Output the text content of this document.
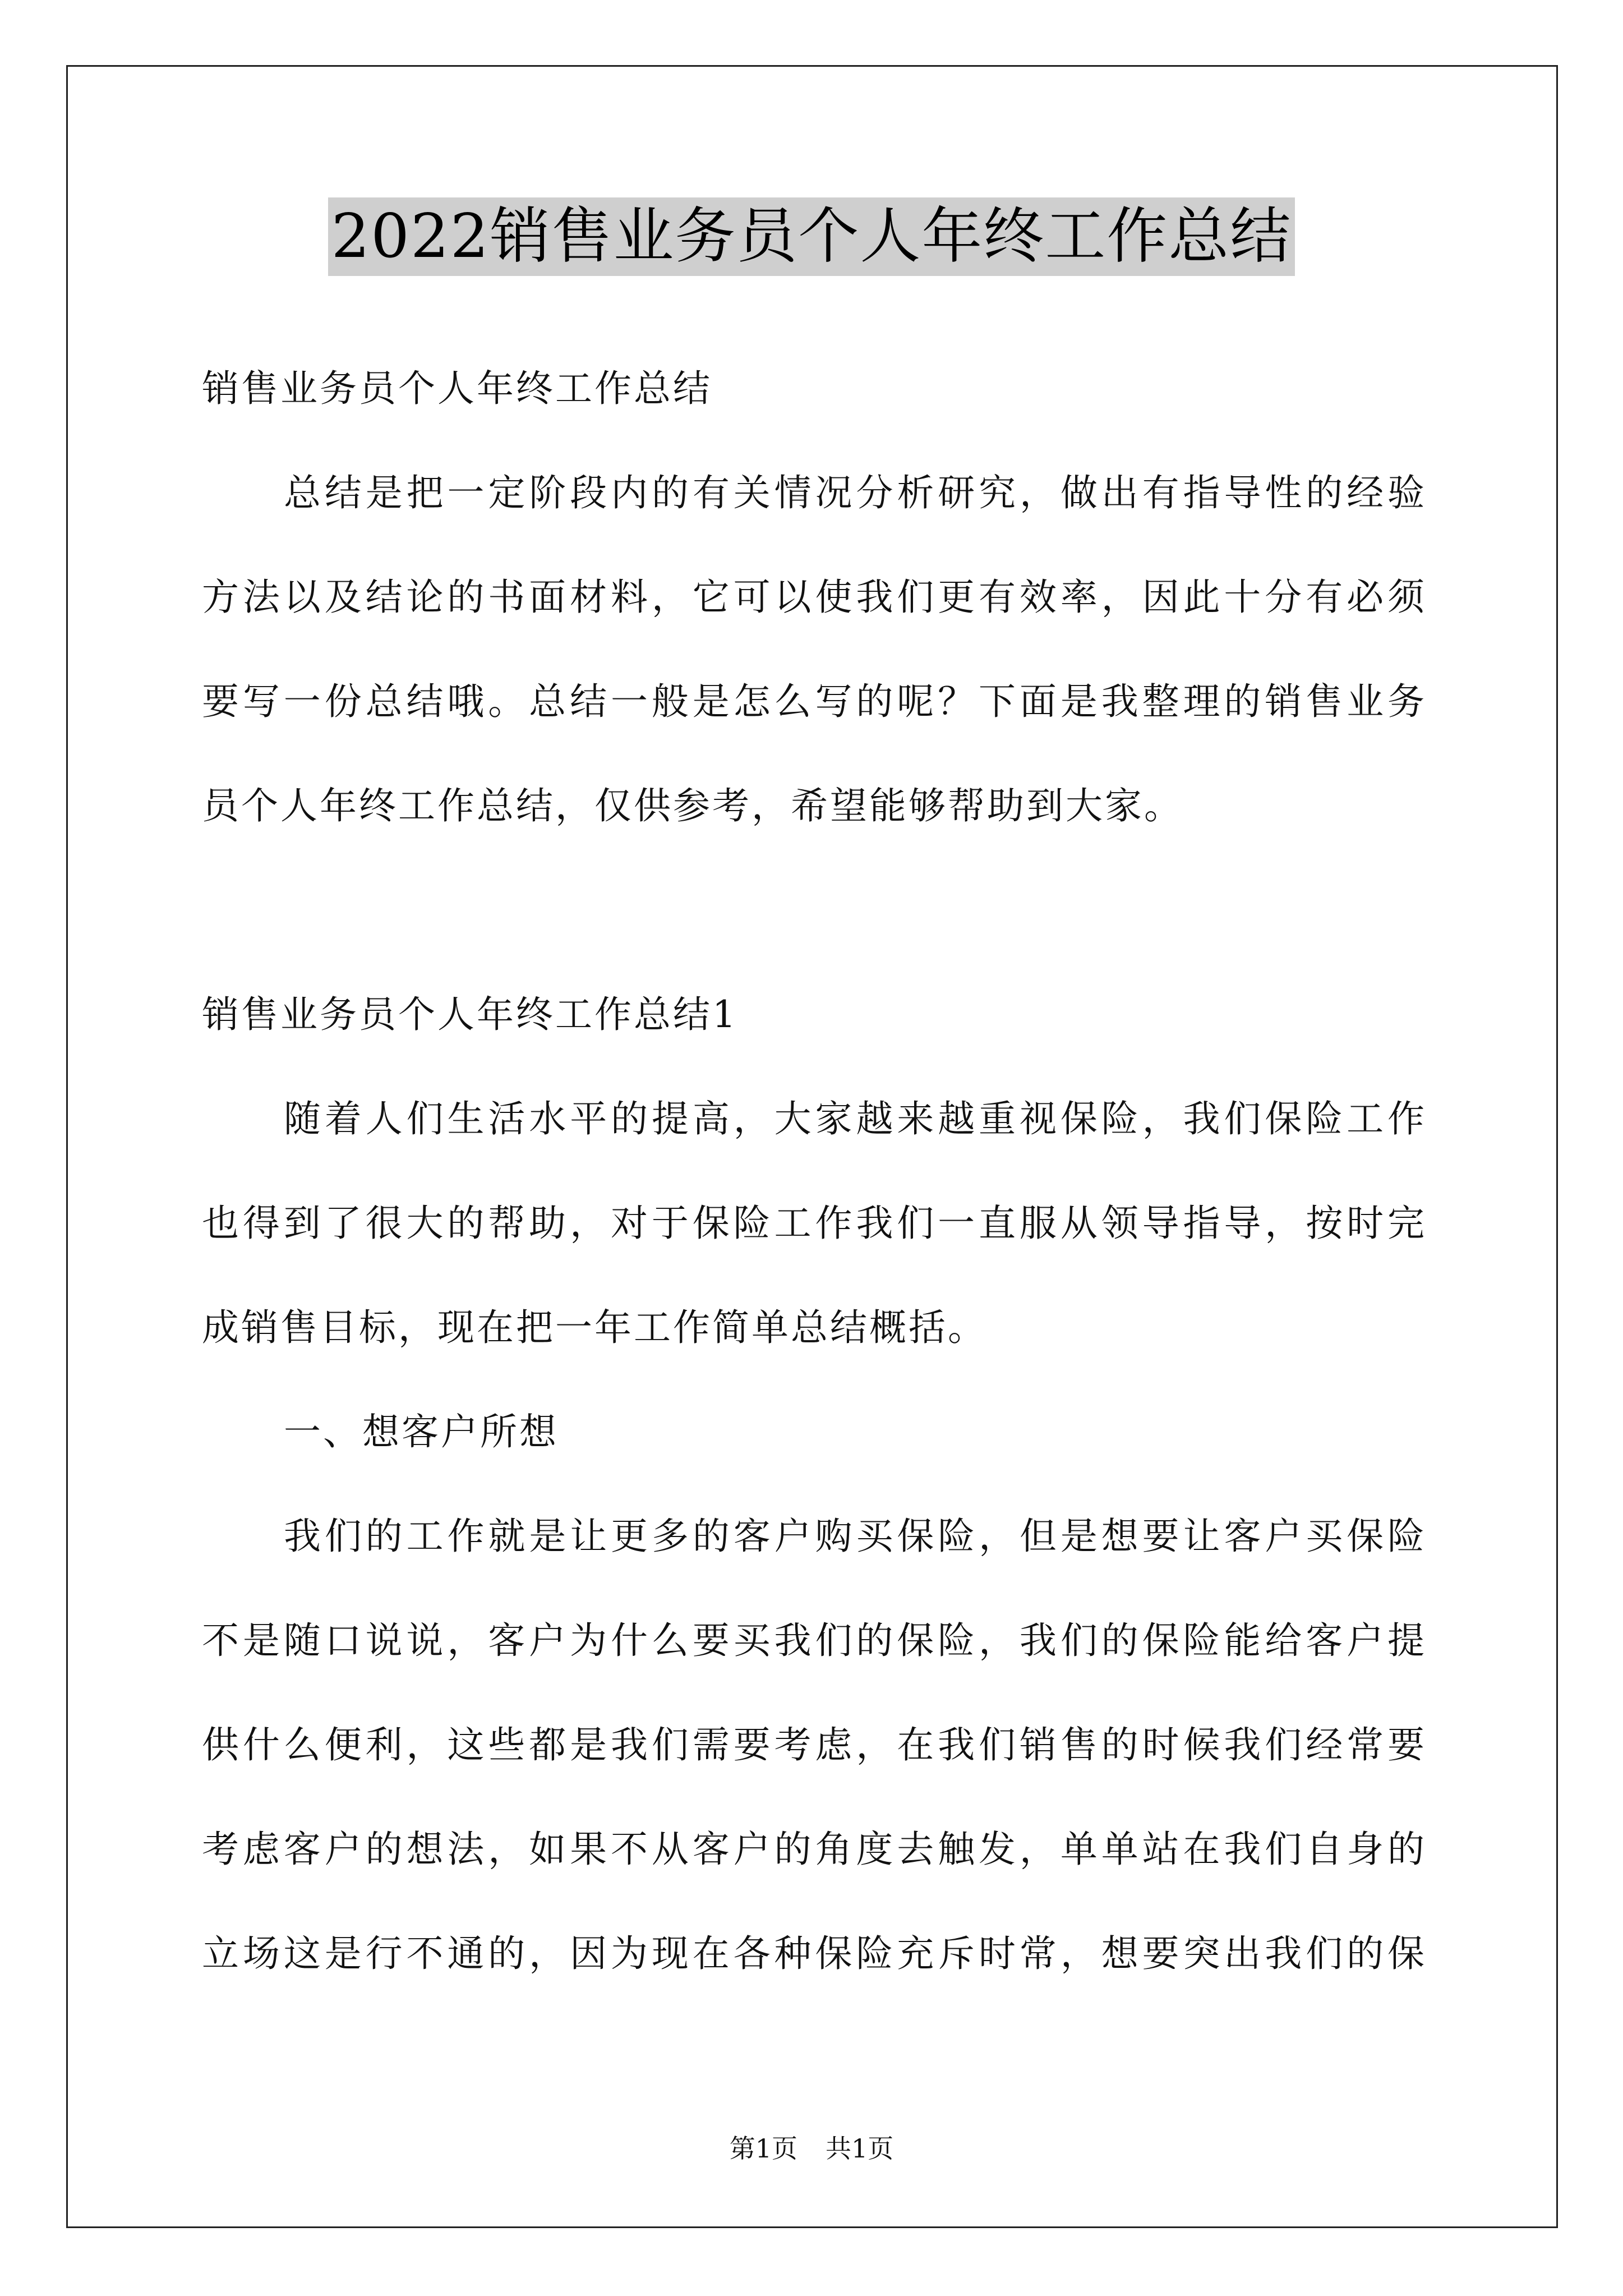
2022销售业务员个人年终工作总结
销售业务员个人年终工作总结
总结是把一定阶段内的有关情况分析研究，做出有指导性的经验
方法以及结论的书面材料，它可以使我们更有效率，因此十分有必须
要写一份总结哦。总结一般是怎么写的呢？下面是我整理的销售业务
员个人年终工作总结，仅供参考，希望能够帮助到大家。
销售业务员个人年终工作总结1
随着人们生活水平的提高，大家越来越重视保险，我们保险工作
也得到了很大的帮助，对于保险工作我们一直服从领导指导，按时完
成销售目标，现在把一年工作简单总结概括。
一、想客户所想
我们的工作就是让更多的客户购买保险，但是想要让客户买保险
不是随口说说，客户为什么要买我们的保险，我们的保险能给客户提
供什么便利，这些都是我们需要考虑，在我们销售的时候我们经常要
考虑客户的想法，如果不从客户的角度去触发，单单站在我们自身的
立场这是行不通的，因为现在各种保险充斥时常，想要突出我们的保
第1页 共1页
